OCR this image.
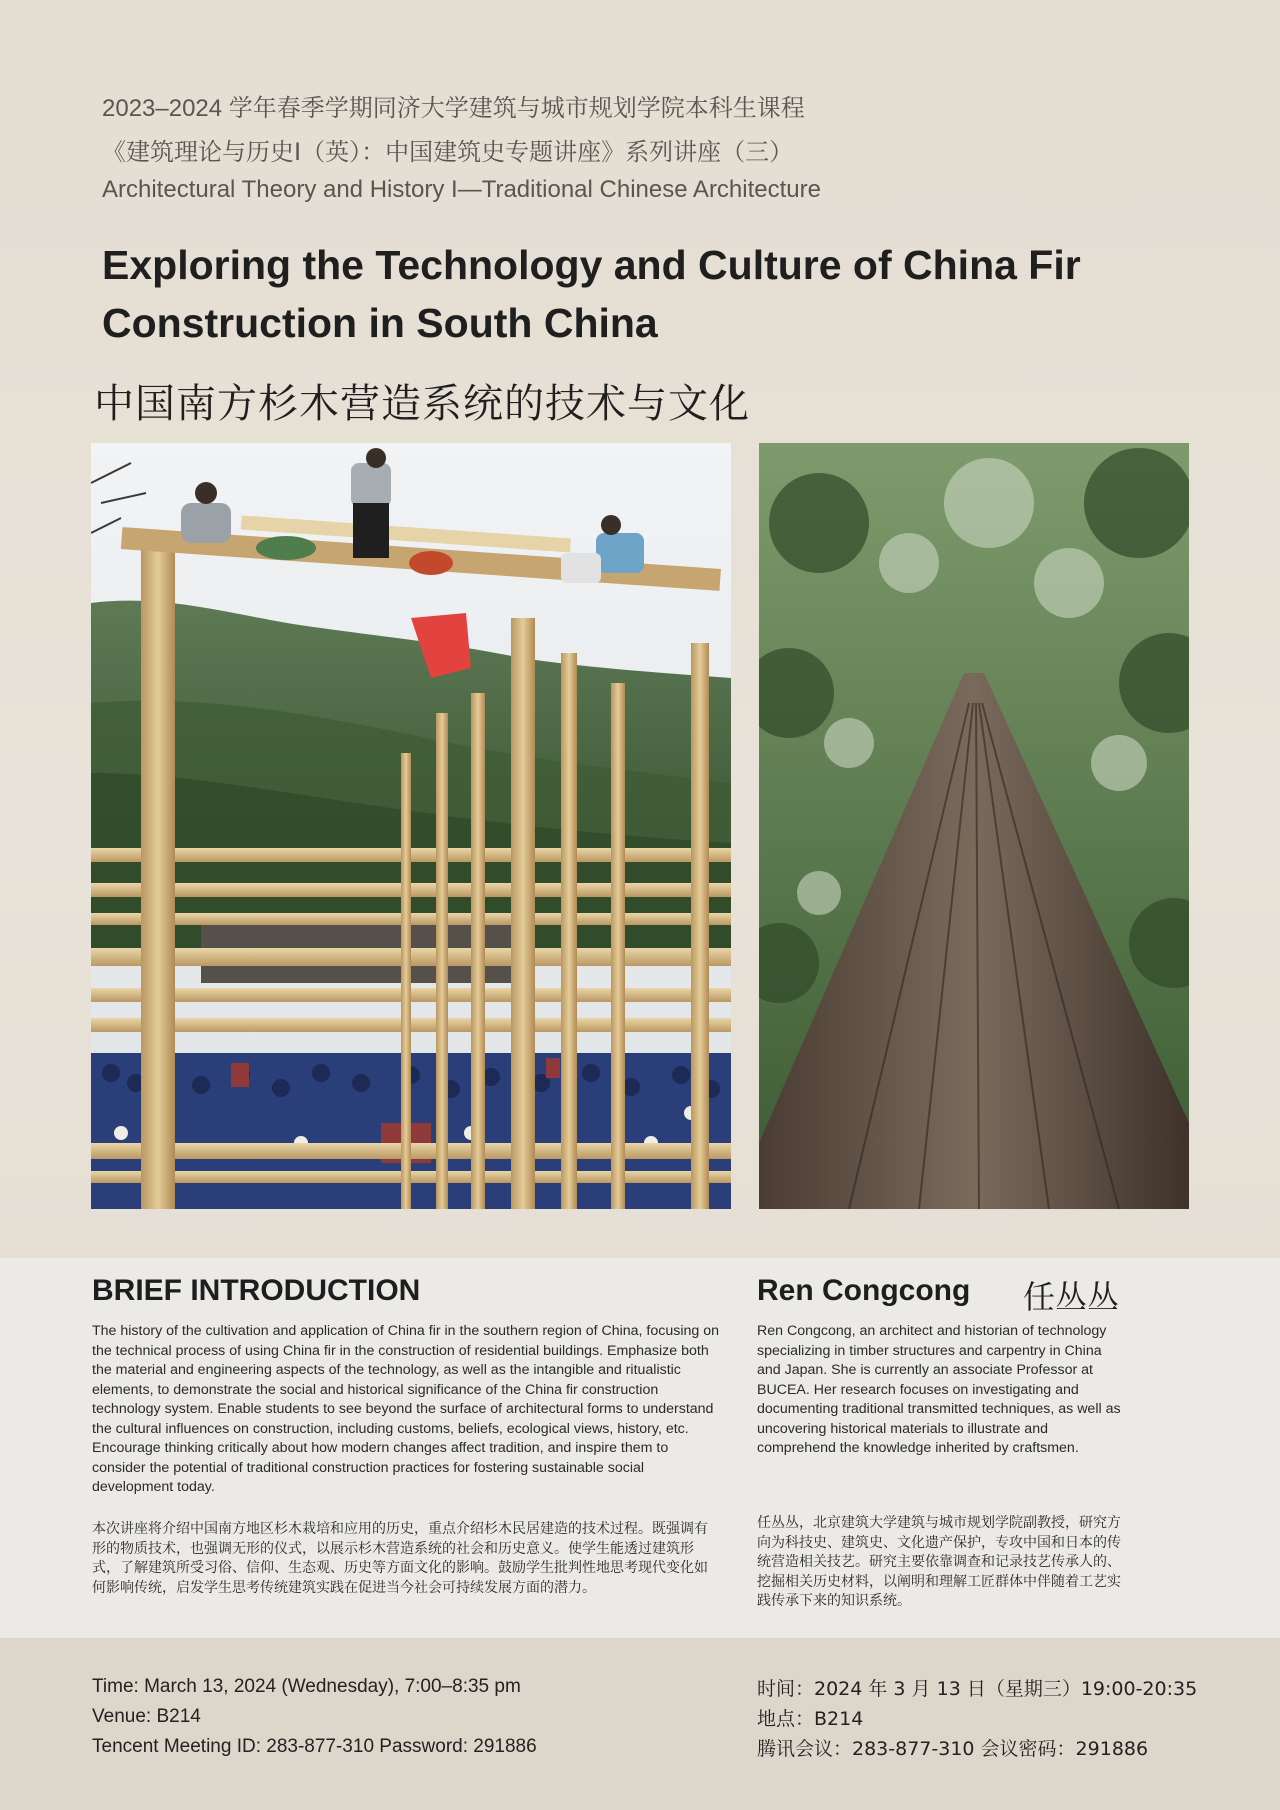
2023–2024 学年春季学期同济大学建筑与城市规划学院本科生课程
《建筑理论与历史Ⅰ（英）：中国建筑史专题讲座》系列讲座（三）
Architectural Theory and History I—Traditional Chinese Architecture
Exploring the Technology and Culture of China Fir Construction in South China
中国南方杉木营造系统的技术与文化
BRIEF INTRODUCTION
The history of the cultivation and application of China fir in the southern region of China, focusing on the technical process of using China fir in the construction of residential buildings. Emphasize both the material and engineering aspects of the technology, as well as the intangible and ritualistic elements, to demonstrate the social and historical significance of the China fir construction technology system. Enable students to see beyond the surface of architectural forms to understand the cultural influences on construction, including customs, beliefs, ecological views, history, etc. Encourage thinking critically about how modern changes affect tradition, and inspire them to consider the potential of traditional construction practices for fostering sustainable social development today.
本次讲座将介绍中国南方地区杉木栽培和应用的历史，重点介绍杉木民居建造的技术过程。既强调有形的物质技术，也强调无形的仪式，以展示杉木营造系统的社会和历史意义。使学生能透过建筑形式，了解建筑所受习俗、信仰、生态观、历史等方面文化的影响。鼓励学生批判性地思考现代变化如何影响传统，启发学生思考传统建筑实践在促进当今社会可持续发展方面的潜力。
Ren Congcong 任丛丛
Ren Congcong, an architect and historian of technology specializing in timber structures and carpentry in China and Japan. She is currently an associate Professor at BUCEA. Her research focuses on investigating and documenting traditional transmitted techniques, as well as uncovering historical materials to illustrate and comprehend the knowledge inherited by craftsmen.
任丛丛，北京建筑大学建筑与城市规划学院副教授，研究方向为科技史、建筑史、文化遗产保护，专攻中国和日本的传统营造相关技艺。研究主要依靠调查和记录技艺传承人的、挖掘相关历史材料，以阐明和理解工匠群体中伴随着工艺实践传承下来的知识系统。
Time: March 13, 2024 (Wednesday), 7:00–8:35 pm
Venue: B214
Tencent Meeting ID: 283-877-310 Password: 291886
时间：2024 年 3 月 13 日（星期三）19:00-20:35
地点：B214
腾讯会议：283-877-310 会议密码：291886
